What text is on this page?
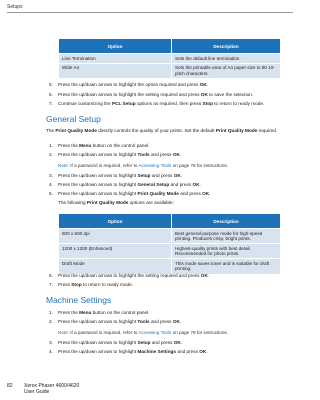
Setups
Option	Description
Line Termination	Sets the default line termination.
Wide A4	Sets the printable area of A4 paper size to 80 10-pitch characters.
5. Press the up/down arrows to highlight the option required and press OK.
6. Press the up/down arrows to highlight the setting required and press OK to save the selection.
7. Continue customizing the PCL Setup options as required, then press Stop to return to ready mode.
General Setup
The Print Quality Mode directly controls the quality of your prints. Set the default Print Quality Mode required.
1. Press the Menu button on the control panel.
2. Press the up/down arrows to highlight Tools and press OK.
Note: If a password is required, refer to Accessing Tools on page 78 for instructions.
3. Press the up/down arrows to highlight Setup and press OK.
4. Press the up/down arrows to highlight General Setup and press OK.
5. Press the up/down arrows to highlight Print Quality Mode and press OK.
The following Print Quality Mode options are available:
Option	Description
600 x 600 dpi	Best general-purpose mode for high-speed printing. Produces crisp, bright prints.
1200 x 1200 (Enhanced)	Highest-quality prints with best detail. Recommended for photo prints.
Draft Mode	This mode saves toner and is suitable for draft printing.
6. Press the up/down arrows to highlight the setting required and press OK.
7. Press Stop to return to ready mode.
Machine Settings
1. Press the Menu button on the control panel.
2. Press the up/down arrows to highlight Tools and press OK.
Note: If a password is required, refer to Accessing Tools on page 78 for instructions.
3. Press the up/down arrows to highlight Setup and press OK.
4. Press the up/down arrows to highlight Machine Settings and press OK.
82 Xerox Phaser 4600/4620
User Guide
